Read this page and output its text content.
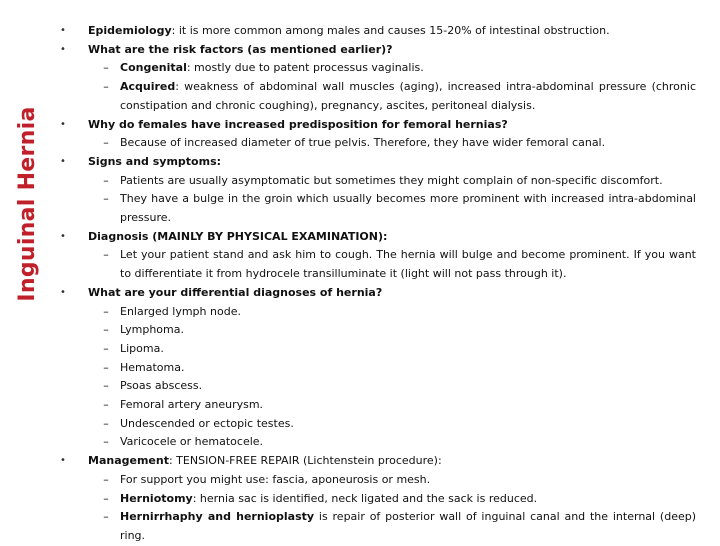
Inguinal Hernia
•	Epidemiology: it is more common among males and causes 15-20% of intestinal obstruction.
•	What are the risk factors (as mentioned earlier)?
–	Congenital: mostly due to patent processus vaginalis.
–	Acquired: weakness of abdominal wall muscles (aging), increased intra-abdominal pressure (chronic constipation and chronic coughing), pregnancy, ascites, peritoneal dialysis.
•	Why do females have increased predisposition for femoral hernias?
–	Because of increased diameter of true pelvis. Therefore, they have wider femoral canal.
•	Signs and symptoms:
–	Patients are usually asymptomatic but sometimes they might complain of non-specific discomfort.
–	They have a bulge in the groin which usually becomes more prominent with increased intra-abdominal pressure.
•	Diagnosis (MAINLY BY PHYSICAL EXAMINATION):
–	Let your patient stand and ask him to cough. The hernia will bulge and become prominent. If you want to differentiate it from hydrocele transilluminate it (light will not pass through it).
•	What are your differential diagnoses of hernia?
–	Enlarged lymph node.
–	Lymphoma.
–	Lipoma.
–	Hematoma.
–	Psoas abscess.
–	Femoral artery aneurysm.
–	Undescended or ectopic testes.
–	Varicocele or hematocele.
•	Management: TENSION-FREE REPAIR (Lichtenstein procedure):
–	For support you might use: fascia, aponeurosis or mesh.
–	Herniotomy: hernia sac is identified, neck ligated and the sack is reduced.
–	Hernirrhaphy and hernioplasty is repair of posterior wall of inguinal canal and the internal (deep) ring.
